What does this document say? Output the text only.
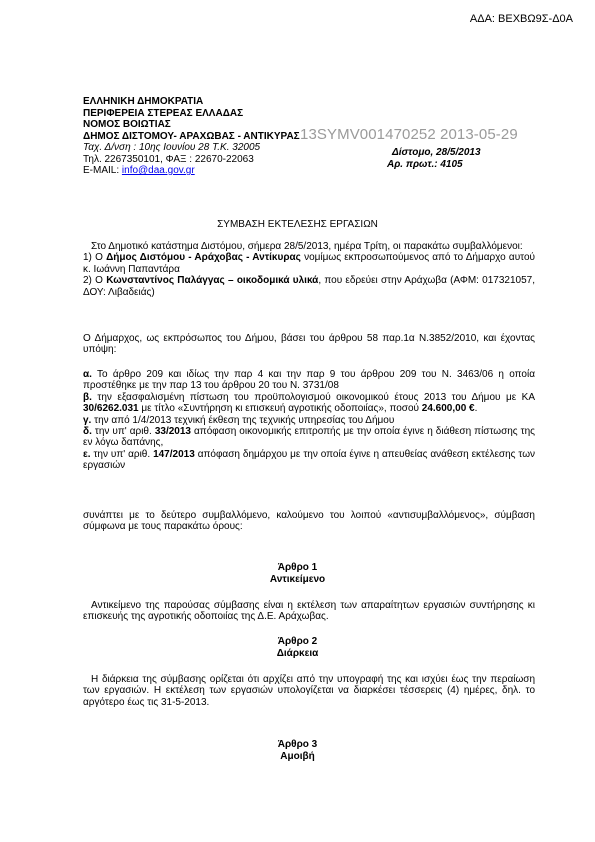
ΑΔΑ: ΒΕΧΒΩ9Σ-Δ0Α
ΕΛΛΗΝΙΚΗ ΔΗΜΟΚΡΑΤΙΑ
ΠΕΡΙΦΕΡΕΙΑ ΣΤΕΡΕΑΣ ΕΛΛΑΔΑΣ
ΝΟΜΟΣ ΒΟΙΩΤΙΑΣ
ΔΗΜΟΣ ΔΙΣΤΟΜΟΥ- ΑΡΑΧΩΒΑΣ - ΑΝΤΙΚΥΡΑΣ
Ταχ. Δ/νση : 10ης Ιουνίου 28 Τ.Κ. 32005
Τηλ. 2267350101, ΦΑΞ : 22670-22063
E-MAIL: info@daa.gov.gr
13SYMV001470252 2013-05-29
Δίστομο, 28/5/2013
Αρ. πρωτ.: 4105
ΣΥΜΒΑΣΗ ΕΚΤΕΛΕΣΗΣ ΕΡΓΑΣΙΩΝ

Στο Δημοτικό κατάστημα Διστόμου, σήμερα 28/5/2013, ημέρα Τρίτη, οι παρακάτω συμβαλλόμενοι:

1) Ο Δήμος Διστόμου - Αράχοβας - Αντίκυρας νομίμως εκπροσωπούμενος από το Δήμαρχο αυτού κ. Ιωάννη Παπαντάρα

2) Ο Κωνσταντίνος Παλάγγας – οικοδομικά υλικά, που εδρεύει στην Αράχωβα (ΑΦΜ: 017321057, ΔΟΥ: Λιβαδειάς)

Ο Δήμαρχος, ως εκπρόσωπος του Δήμου, βάσει του άρθρου 58 παρ.1α Ν.3852/2010, και έχοντας υπόψη:

α. Το άρθρο 209 και ιδίως την παρ 4 και την παρ 9 του άρθρου 209 του Ν. 3463/06 η οποία προστέθηκε με την παρ 13 του άρθρου 20 του Ν. 3731/08

β. την εξασφαλισμένη πίστωση του προϋπολογισμού οικονομικού έτους 2013 του Δήμου με ΚΑ 30/6262.031 με τίτλο «Συντήρηση κι επισκευή αγροτικής οδοποιίας», ποσού 24.600,00 €.

γ. την από 1/4/2013 τεχνική έκθεση της τεχνικής υπηρεσίας του Δήμου

δ. την υπ' αριθ. 33/2013 απόφαση οικονομικής επιτροπής με την οποία έγινε η διάθεση πίστωσης της εν λόγω δαπάνης,

ε. την υπ' αριθ. 147/2013 απόφαση δημάρχου με την οποία έγινε η απευθείας ανάθεση εκτέλεσης των εργασιών

συνάπτει με το δεύτερο συμβαλλόμενο, καλούμενο του λοιπού «αντισυμβαλλόμενος», σύμβαση σύμφωνα με τους παρακάτω όρους:
Άρθρο 1
Αντικείμενο
Αντικείμενο της παρούσας σύμβασης είναι η εκτέλεση των απαραίτητων εργασιών συντήρησης κι επισκευής της αγροτικής οδοποιίας της Δ.Ε. Αράχωβας.
Άρθρο 2
Διάρκεια
Η διάρκεια της σύμβασης ορίζεται ότι αρχίζει από την υπογραφή της και ισχύει έως την περαίωση των εργασιών. Η εκτέλεση των εργασιών υπολογίζεται να διαρκέσει τέσσερεις (4) ημέρες, δηλ. το αργότερο έως τις 31-5-2013.
Άρθρο 3
Αμοιβή
